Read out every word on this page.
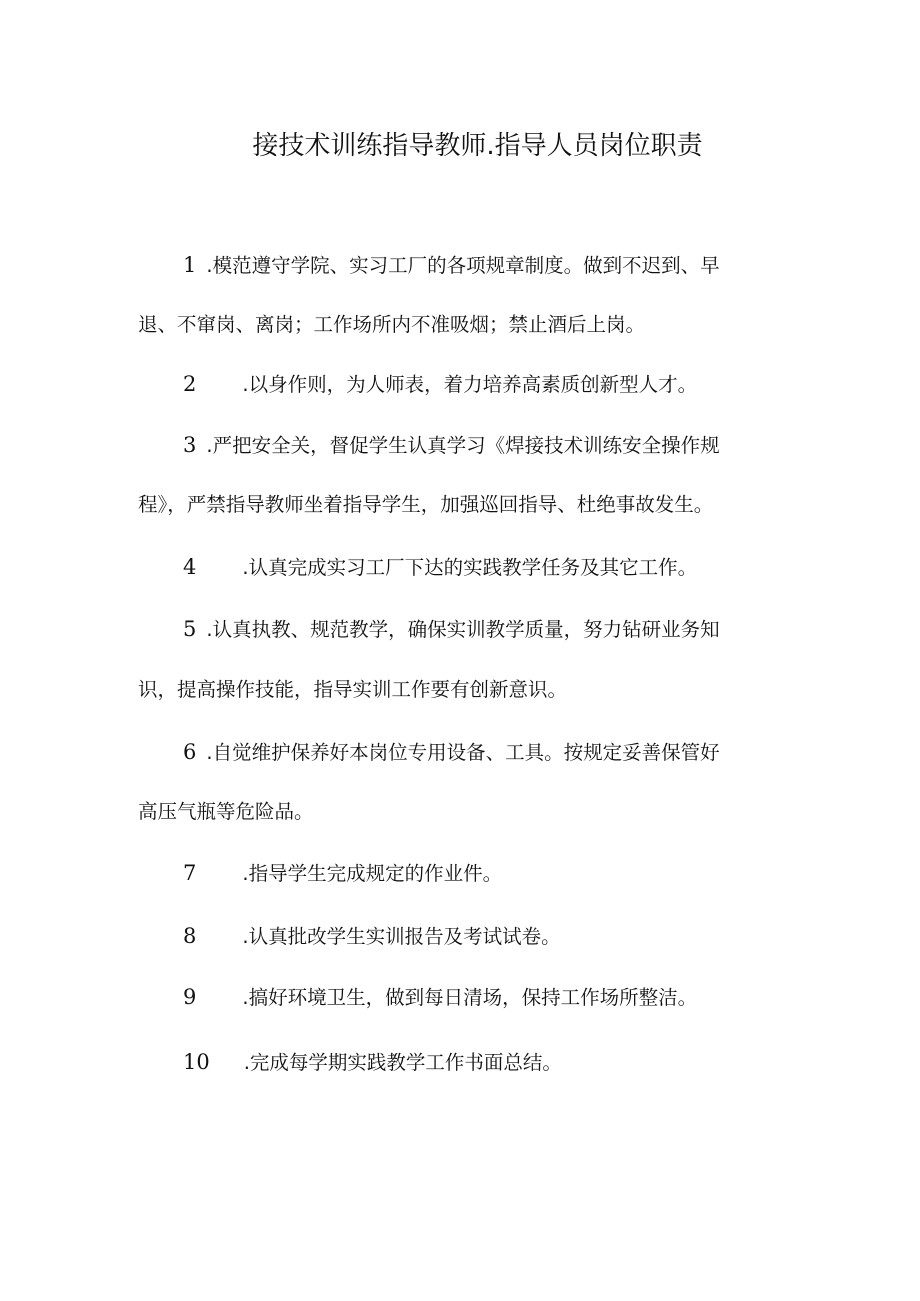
接技术训练指导教师.指导人员岗位职责
1 .模范遵守学院、实习工厂的各项规章制度。做到不迟到、早
退、不窜岗、离岗；工作场所内不准吸烟；禁止酒后上岗。
2 .以身作则，为人师表，着力培养高素质创新型人才。
3 .严把安全关，督促学生认真学习《焊接技术训练安全操作规
程》，严禁指导教师坐着指导学生，加强巡回指导、杜绝事故发生。
4 .认真完成实习工厂下达的实践教学任务及其它工作。
5 .认真执教、规范教学，确保实训教学质量，努力钻研业务知
识，提高操作技能，指导实训工作要有创新意识。
6 .自觉维护保养好本岗位专用设备、工具。按规定妥善保管好
高压气瓶等危险品。
7 .指导学生完成规定的作业件。
8 .认真批改学生实训报告及考试试卷。
9 .搞好环境卫生，做到每日清场，保持工作场所整洁。
10 .完成每学期实践教学工作书面总结。
